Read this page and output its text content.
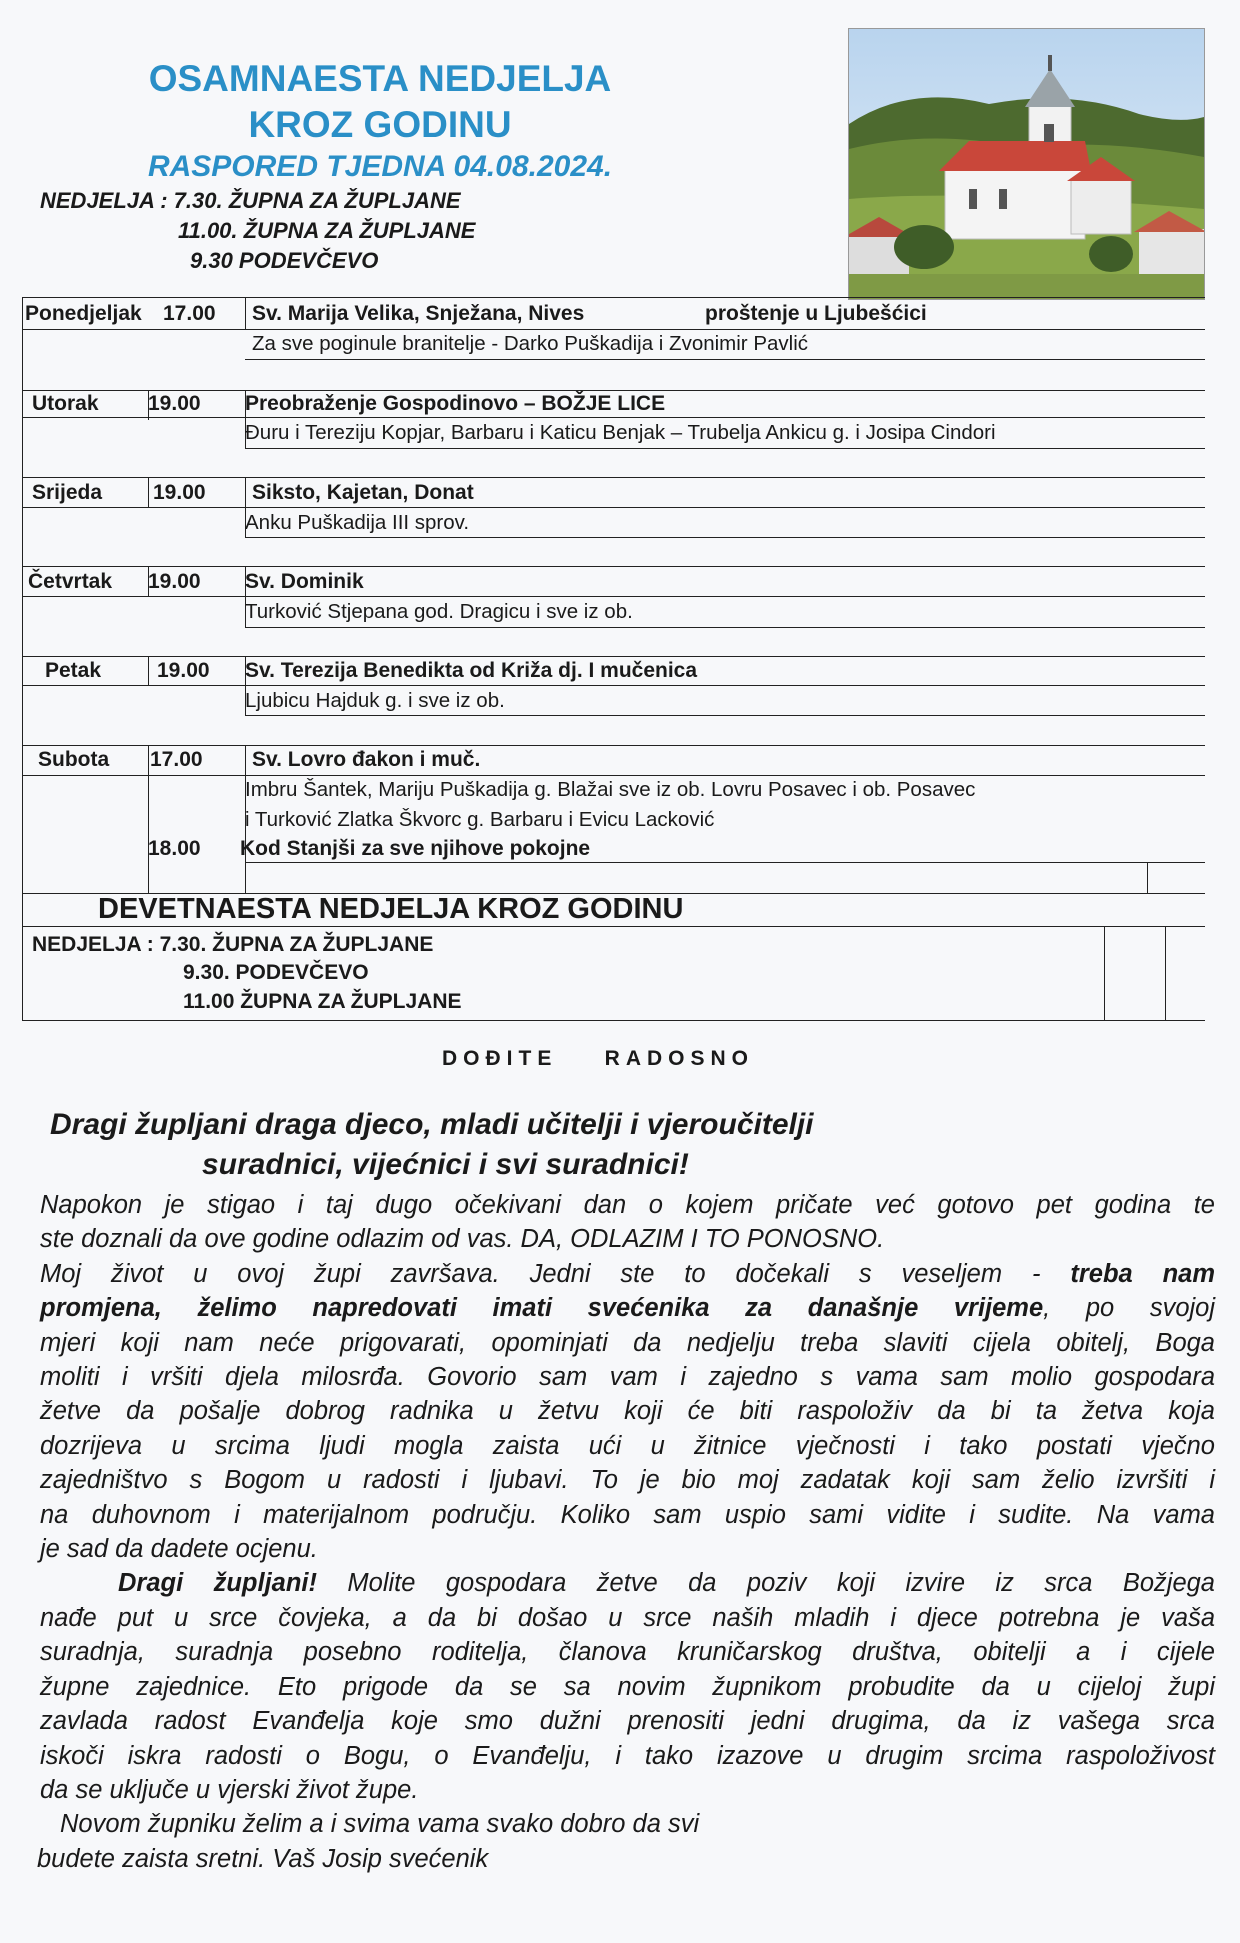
OSAMNAESTA NEDJELJA
KROZ GODINU
RASPORED TJEDNA 04.08.2024.
NEDJELJA : 7.30. ŽUPNA ZA ŽUPLJANE
11.00. ŽUPNA ZA ŽUPLJANE
9.30 PODEVČEVO
Ponedjeljak 17.00 Sv. Marija Velika, Snježana, Nives	proštenje u Ljubešćici
Za sve poginule branitelje - Darko Puškadija i Zvonimir Pavlić
Utorak 19.00 Preobraženje Gospodinovo – BOŽJE LICE
Đuru i Tereziju Kopjar, Barbaru i Katicu Benjak – Trubelja Ankicu g. i Josipa Cindori
Srijeda 19.00 Siksto, Kajetan, Donat
Anku Puškadija III sprov.
Četvrtak 19.00 Sv. Dominik
Turković Stjepana god. Dragicu i sve iz ob.
Petak	19.00 Sv. Terezija Benedikta od Križa dj. I mučenica
Ljubicu Hajduk g. i sve iz ob.
Subota 17.00 Sv. Lovro đakon i muč.
Imbru Šantek, Mariju Puškadija g. Blažai sve iz ob. Lovru Posavec i ob. Posavec
i Turković Zlatka Škvorc g. Barbaru i Evicu Lacković
18.00 Kod Stanjši za sve njihove pokojne
DEVETNAESTA NEDJELJA KROZ GODINU
NEDJELJA : 7.30. ŽUPNA ZA ŽUPLJANE
9.30. PODEVČEVO
11.00 ŽUPNA ZA ŽUPLJANE
DOĐITE    RADOSNO
Dragi župljani draga djeco, mladi učitelji i vjeroučitelji
suradnici, vijećnici i svi suradnici!

Napokon je stigao i taj dugo očekivani dan o kojem pričate već gotovo pet godina te

ste doznali da ove godine odlazim od vas. DA, ODLAZIM I TO PONOSNO.

Moj život u ovoj župi završava. Jedni ste to dočekali s veseljem - treba nam

promjena, želimo napredovati imati svećenika za današnje vrijeme, po svojoj

mjeri koji nam neće prigovarati, opominjati da nedjelju treba slaviti cijela obitelj, Boga

moliti i vršiti djela milosrđa. Govorio sam vam i zajedno s vama sam molio gospodara

žetve da pošalje dobrog radnika u žetvu koji će biti raspoloživ da bi ta žetva koja

dozrijeva u srcima ljudi mogla zaista ući u žitnice vječnosti i tako postati vječno

zajedništvo s Bogom u radosti i ljubavi. To je bio moj zadatak koji sam želio izvršiti i

na duhovnom i materijalnom području. Koliko sam uspio sami vidite i sudite. Na vama

je sad da dadete ocjenu.

Dragi župljani! Molite gospodara žetve da poziv koji izvire iz srca Božjega

nađe put u srce čovjeka, a da bi došao u srce naših mladih i djece potrebna je vaša

suradnja, suradnja posebno roditelja, članova kruničarskog društva, obitelji a i cijele

župne zajednice. Eto prigode da se sa novim župnikom probudite da u cijeloj župi

zavlada radost Evanđelja koje smo dužni prenositi jedni drugima, da iz vašega srca

iskoči iskra radosti o Bogu, o Evanđelju, i tako izazove u drugim srcima raspoloživost

da se uključe u vjerski život župe.

Novom župniku želim a i svima vama svako dobro da svi

budete zaista sretni. Vaš Josip svećenik
